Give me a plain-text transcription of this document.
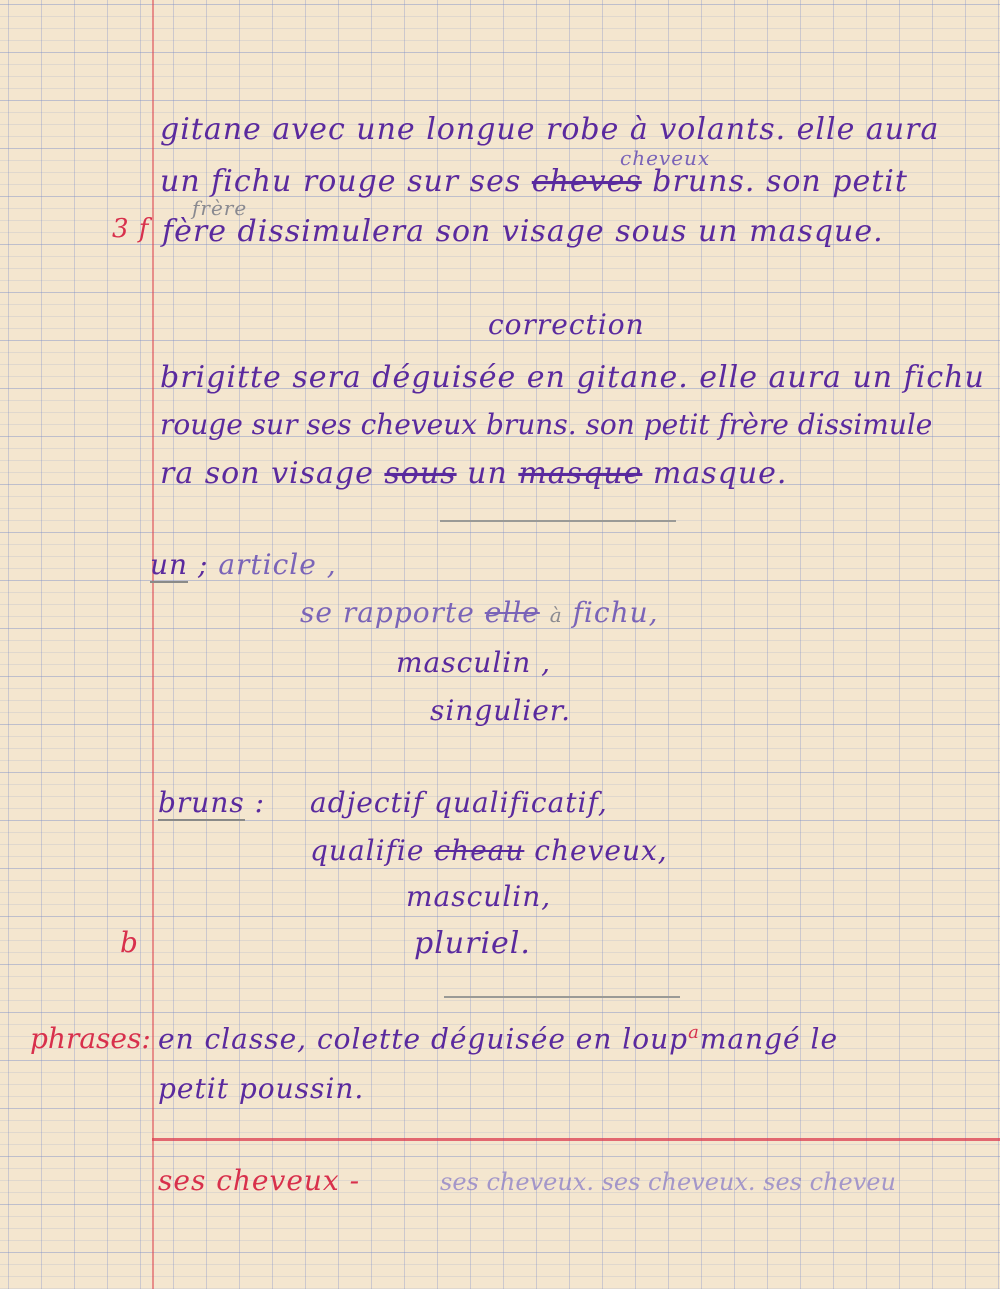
gitane avec une longue robe à volants. elle aura
cheveux
un fichu rouge sur ses cheves bruns. son petit
3 f
frère
fère dissimulera son visage sous un masque.
correction
brigitte sera déguisée en gitane. elle aura un fichu
rouge sur ses cheveux bruns. son petit frère dissimule
ra son visage sous un masque masque.
un ; article ,
se rapporte elle à fichu,
masculin ,
singulier.
bruns : adjectif qualificatif,
qualifie cheau cheveux,
masculin,
b	pluriel.
phrases: en classe, colette déguisée en loup$^a$mangé le
petit poussin.
ses cheveux -	ses cheveux. ses cheveux. ses cheveu
